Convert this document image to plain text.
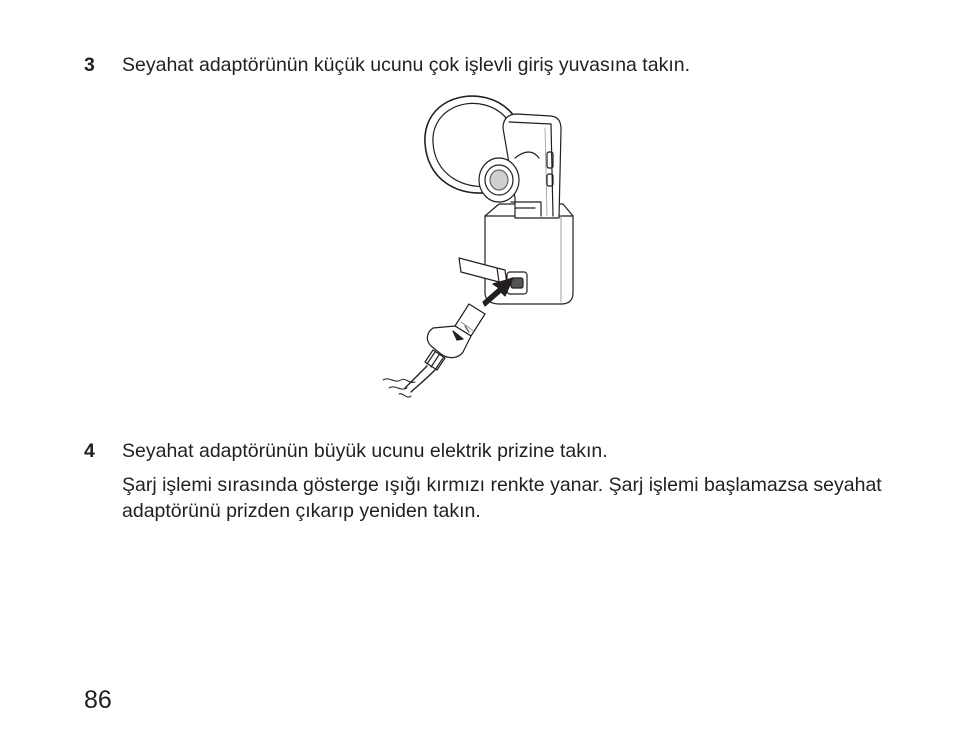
3	Seyahat adaptörünün küçük ucunu çok işlevli giriş yuvasına takın.
4	Seyahat adaptörünün büyük ucunu elektrik prizine takın.
Şarj işlemi sırasında gösterge ışığı kırmızı renkte yanar. Şarj işlemi başlamazsa seyahat adaptörünü prizden çıkarıp yeniden takın.
86
